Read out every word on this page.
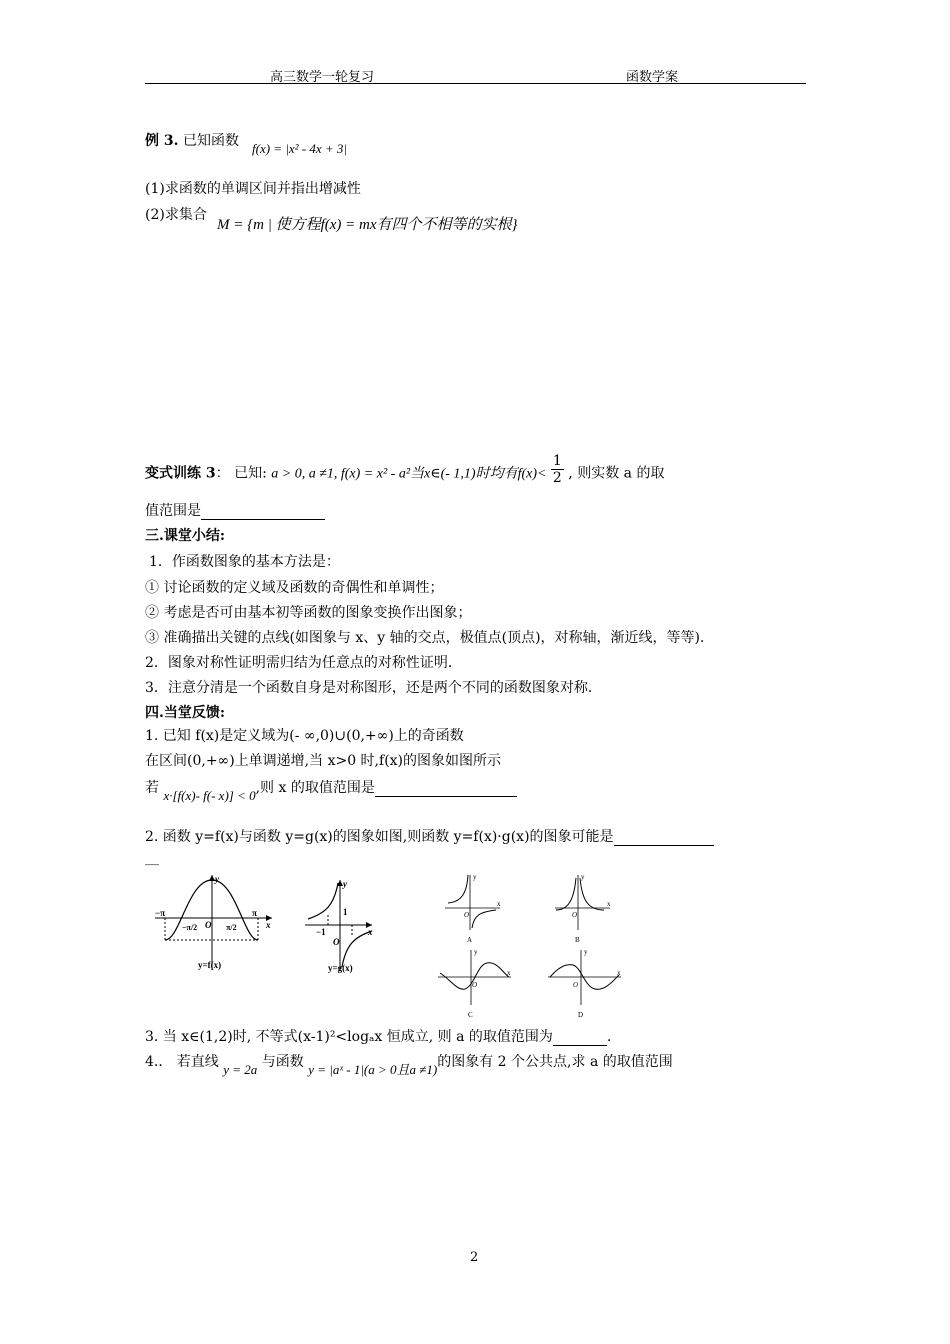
高三数学一轮复习	函数学案
例 3. 已知函数 f(x) = |x² - 4x + 3|
(1)求函数的单调区间并指出增减性
(2)求集合
M = {m | 使方程f(x) = mx有四个不相等的实根}
变式训练 3： 已知: a > 0, a ≠1, f(x) = x² - a²当x∈(- 1,1)时均有$f(x)< \frac{1}{2}$ , 则实数 a 的取
值范围是
三.课堂小结:
1．作函数图象的基本方法是：
① 讨论函数的定义域及函数的奇偶性和单调性；
② 考虑是否可由基本初等函数的图象变换作出图象；
③ 准确描出关键的点线(如图象与 x、y 轴的交点，极值点(顶点)，对称轴，渐近线，等等)．
2．图象对称性证明需归结为任意点的对称性证明．
3．注意分清是一个函数自身是对称图形，还是两个不同的函数图象对称．
四.当堂反馈:
1. 已知 f(x)是定义域为(- ∞,0)∪(0,+∞)上的奇函数
在区间(0,+∞)上单调递增,当 x>0 时,f(x)的图象如图所示
若 x·[f(x)- f(- x)] < 0,则 x 的取值范围是
2. 函数 y=f(x)与函数 y=g(x)的图象如图,则函数 y=f(x)·g(x)的图象可能是
__
−π	π
−π/2	π/2
O	x
y
y=f(x)
1
−1
O
x
y
y=g(x)
O
x
y
A
O
x
y
B
O
x
y
C
O
x
y
D
3. 当 x∈(1,2)时, 不等式(x-1)²<logₐx 恒成立, 则 a 的取值范围为	.
4.． 若直线 y = 2a 与函数 y = |aˣ - 1|(a > 0且a ≠1)的图象有 2 个公共点,求 a 的取值范围
2
